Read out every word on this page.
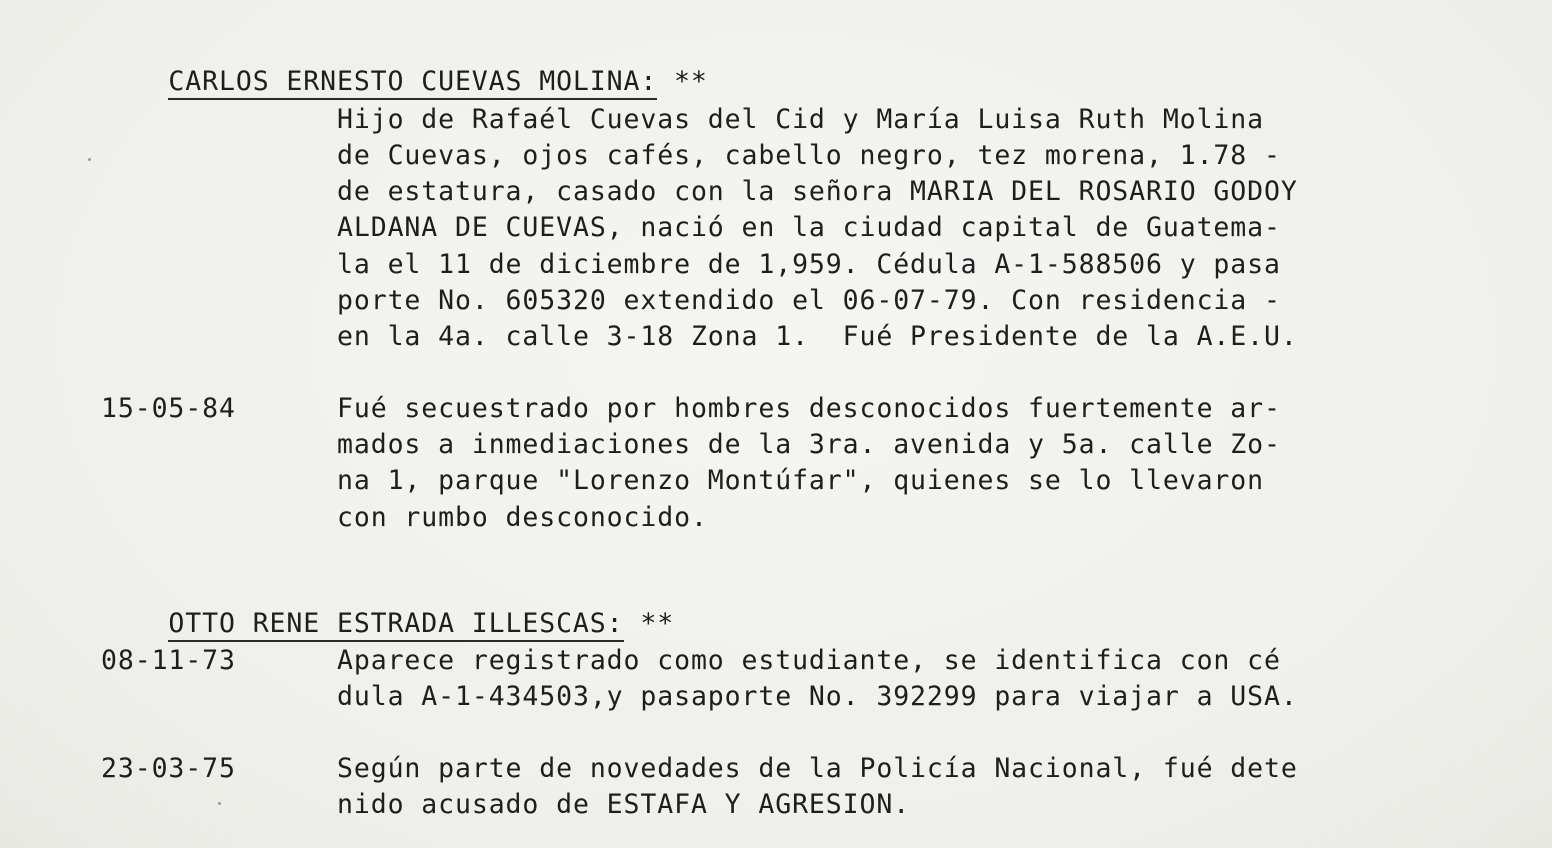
CARLOS ERNESTO CUEVAS MOLINA: **

Hijo de Rafaél Cuevas del Cid y María Luisa Ruth Molina
de Cuevas, ojos cafés, cabello negro, tez morena, 1.78 -
de estatura, casado con la señora MARIA DEL ROSARIO GODOY
ALDANA DE CUEVAS, nació en la ciudad capital de Guatema-
la el 11 de diciembre de 1,959. Cédula A-1-588506 y pasa
porte No. 605320 extendido el 06-07-79. Con residencia -
en la 4a. calle 3-18 Zona 1.  Fué Presidente de la A.E.U.
15-05-84	Fué secuestrado por hombres desconocidos fuertemente ar-
mados a inmediaciones de la 3ra. avenida y 5a. calle Zo-
na 1, parque "Lorenzo Montúfar", quienes se lo llevaron
con rumbo desconocido.

OTTO RENE ESTRADA ILLESCAS: **

08-11-73	Aparece registrado como estudiante, se identifica con cé
dula A-1-434503,y pasaporte No. 392299 para viajar a USA.
23-03-75	Según parte de novedades de la Policía Nacional, fué dete
nido acusado de ESTAFA Y AGRESION.
